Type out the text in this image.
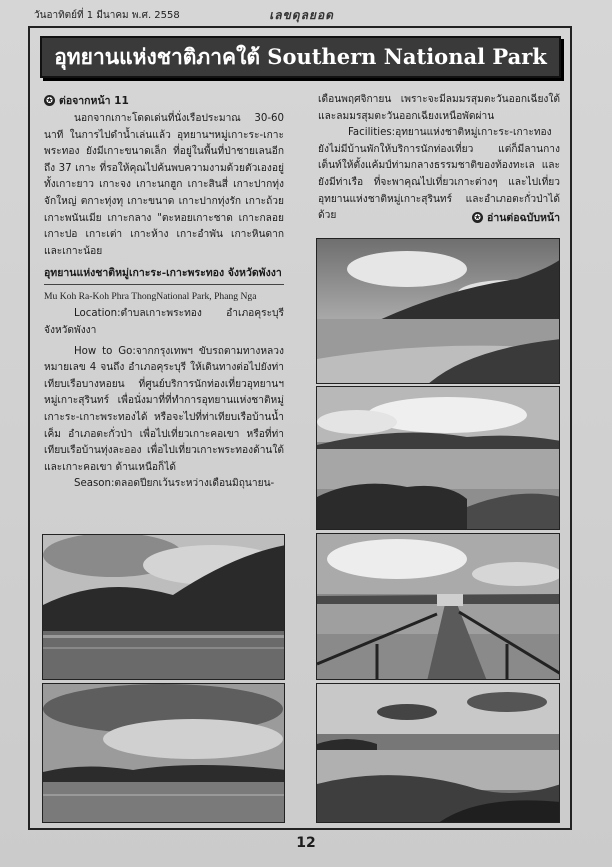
วันอาทิตย์ที่ 1 มีนาคม พ.ศ. 2558	เลขดุลยอด
อุทยานแห่งชาติภาคใต้ Southern National Park
✪ ต่อจากหน้า 11

นอกจากเกาะโดดเด่นที่นั่งเรือประมาณ 30-60 นาที ในการไปดำน้ำเล่นแล้ว อุทยานฯหมู่เกาะระ-เกาะพระทอง ยังมีเกาะขนาดเล็ก ที่อยู่ในพื้นที่ป่าชายเลนอีกถึง 37 เกาะ ที่รอให้คุณไปค้นพบความงามด้วยตัวเองอยู่ ทั้งเกาะยาว เกาะจง เกาะนกฮูก เกาะสินสี่ เกาะปากทุ่งจักใหญ่ ตกาะทุ่งทุ เกาะขนาด เกาะปากทุ่งรัก เกาะถ้วย เกาะพนันเมีย เกาะกลาง "ตะหอยเกาะชาด เกาะกลอย เกาะปอ เกาะเต่า เกาะห้าง เกาะอำพัน เกาะหินดาก และเกาะน้อย

อุทยานแห่งชาติหมู่เกาะระ-เกาะพระทอง จังหวัดพังงา
Mu Koh Ra-Koh Phra ThongNational Park, Phang Nga

Location:ตำบลเกาะพระทอง อำเภอคุระบุรี จังหวัดพังงา

How to Go:จากกรุงเทพฯ ขับรถตามทางหลวงหมายเลข 4 จนถึง อำเภอคุระบุรี ให้เดินทางต่อไปยังท่าเทียบเรือบางหอยน ที่ศูนย์บริการนักท่องเที่ยวอุทยานฯ หมู่เกาะสุรินทร์ เพื่อนั่งมาที่ที่ทำการอุทยานแห่งชาติหมู่เกาะระ-เกาะพระทองได้ หรือจะไปที่ท่าเทียบเรือบ้านน้ำเค็ม อำเภอตะกั่วป่า เพื่อไปเที่ยวเกาะคอเขา หรือที่ท่าเทียบเรือบ้านทุ่งละออง เพื่อไปเที่ยวเกาะพระทองด้านใต้ และเกาะคอเขา ด้านเหนือก็ได้

Season:ตลอดปียกเว้นระหว่างเดือนมิถุนายน-

เดือนพฤศจิกายน เพราะจะมีลมมรสุมตะวันออกเฉียงใต้ และลมมรสุมตะวันออกเฉียงเหนือพัดผ่าน

Facilities:อุทยานแห่งชาติหมู่เกาะระ-เกาะทอง ยังไม่มีบ้านพักให้บริการนักท่องเที่ยว แต่ก็มีลานกางเต็นท์ให้ตั้งแค้มป์ท่ามกลางธรรมชาติของท้องทะเล และยังมีท่าเรือ ที่จะพาคุณไปเที่ยวเกาะต่างๆ และไปเที่ยวอุทยานแห่งชาติหมู่เกาะสุรินทร์ และอำเภอตะกั่วป่าได้ด้วย	✪ อ่านต่อฉบับหน้า
12
